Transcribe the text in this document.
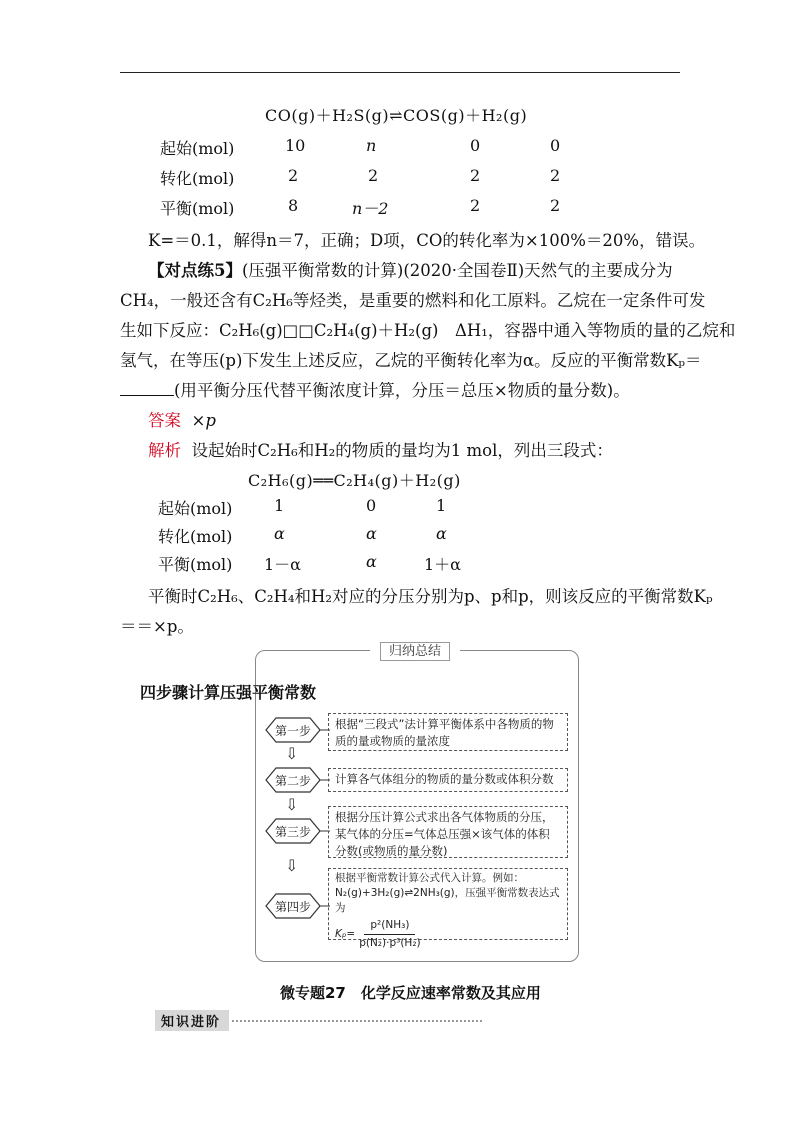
CO(g)＋H₂S(g)⇌COS(g)＋H₂(g)
起始(mol)	10	n	0	0
转化(mol)	2	2	2	2
平衡(mol)	8	n－2	2	2
K=＝0.1，解得n＝7，正确；D项，CO的转化率为×100%＝20%，错误。
【对点练5】(压强平衡常数的计算)(2020·全国卷Ⅱ)天然气的主要成分为
CH₄，一般还含有C₂H₆等烃类，是重要的燃料和化工原料。乙烷在一定条件可发
生如下反应：C₂H₆(g)□□C₂H₄(g)＋H₂(g)　ΔH₁，容器中通入等物质的量的乙烷和
氢气，在等压(p)下发生上述反应，乙烷的平衡转化率为α。反应的平衡常数Kₚ＝
(用平衡分压代替平衡浓度计算，分压＝总压×物质的量分数)。
答案 ×p
解析 设起始时C₂H₆和H₂的物质的量均为1 mol，列出三段式：
C₂H₆(g)══C₂H₄(g)＋H₂(g)
起始(mol)	1	0	1
转化(mol)	α	α	α
平衡(mol) 1－α	α	1＋α
平衡时C₂H₆、C₂H₄和H₂对应的分压分别为p、p和p，则该反应的平衡常数Kₚ
＝＝×p。
归纳总结
四步骤计算压强平衡常数
第一步
第二步
第三步
第四步
⇩
⇩
⇩
根据“三段式”法计算平衡体系中各物质的物质的量或物质的量浓度
计算各气体组分的物质的量分数或体积分数
根据分压计算公式求出各气体物质的分压，某气体的分压=气体总压强×该气体的体积分数(或物质的量分数)
根据平衡常数计算公式代入计算。例如：N₂(g)+3H₂(g)⇌2NH₃(g)，压强平衡常数表达式为
$K_p= \frac{\text{p²(NH₃)}}{\text{p(N₂)·p³(H₂)}}$
微专题27　化学反应速率常数及其应用
知识进阶
